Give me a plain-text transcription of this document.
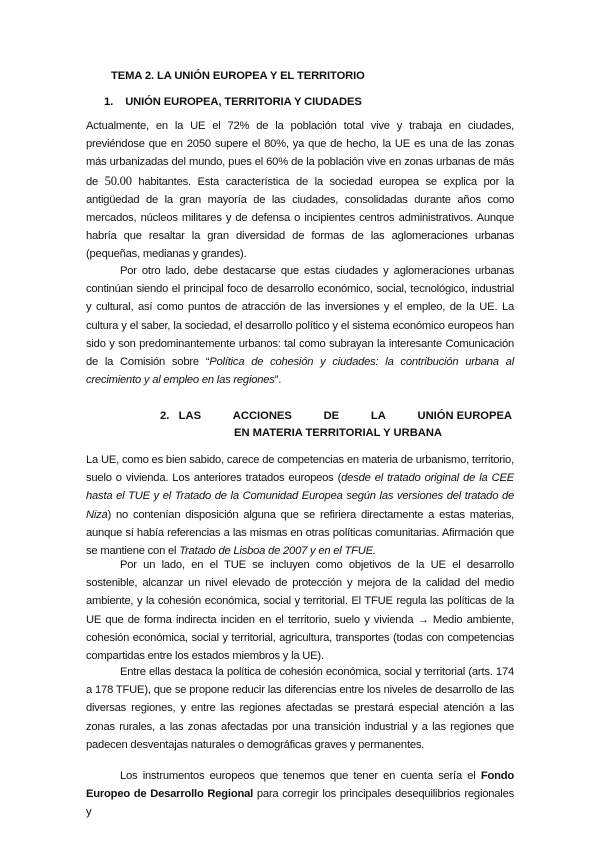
TEMA 2. LA UNIÓN EUROPEA Y EL TERRITORIO
1. UNIÓN EUROPEA, TERRITORIA Y CIUDADES

Actualmente, en la UE el 72% de la población total vive y trabaja en ciudades, previéndose que en 2050 supere el 80%, ya que de hecho, la UE es una de las zonas más urbanizadas del mundo, pues el 60% de la población vive en zonas urbanas de más de 50.00 habitantes. Esta característica de la sociedad europea se explica por la antigüedad de la gran mayoría de las ciudades, consolidadas durante años como mercados, núcleos militares y de defensa o incipientes centros administrativos. Aunque habría que resaltar la gran diversidad de formas de las aglomeraciones urbanas (pequeñas, medianas y grandes).

Por otro lado, debe destacarse que estas ciudades y aglomeraciones urbanas continúan siendo el principal foco de desarrollo económico, social, tecnológico, industrial y cultural, así como puntos de atracción de las inversiones y el empleo, de la UE. La cultura y el saber, la sociedad, el desarrollo político y el sistema económico europeos han sido y son predominantemente urbanos: tal como subrayan la interesante Comunicación de la Comisión sobre “Política de cohesión y ciudades: la contribución urbana al crecimiento y al empleo en las regiones”.

2. LAS	ACCIONES	DE	LA	UNIÓN EUROPEA
EN MATERIA TERRITORIAL Y URBANA

La UE, como es bien sabido, carece de competencias en materia de urbanismo, territorio, suelo o vivienda. Los anteriores tratados europeos (desde el tratado original de la CEE hasta el TUE y el Tratado de la Comunidad Europea según las versiones del tratado de Niza) no contenían disposición alguna que se refiriera directamente a estas materias, aunque sí había referencias a las mismas en otras políticas comunitarias. Afirmación que se mantiene con el Tratado de Lisboa de 2007 y en el TFUE.

Por un lado, en el TUE se incluyen como objetivos de la UE el desarrollo sostenible, alcanzar un nivel elevado de protección y mejora de la calidad del medio ambiente, y la cohesión económica, social y territorial. El TFUE regula las políticas de la UE que de forma indirecta inciden en el territorio, suelo y vivienda → Medio ambiente, cohesión económica, social y territorial, agricultura, transportes (todas con competencias compartidas entre los estados miembros y la UE).

Entre ellas destaca la política de cohesión económica, social y territorial (arts. 174 a 178 TFUE), que se propone reducir las diferencias entre los niveles de desarrollo de las diversas regiones, y entre las regiones afectadas se prestará especial atención a las zonas rurales, a las zonas afectadas por una transición industrial y a las regiones que padecen desventajas naturales o demográficas graves y permanentes.

Los instrumentos europeos que tenemos que tener en cuenta sería el Fondo Europeo de Desarrollo Regional para corregir los principales desequilibrios regionales y
